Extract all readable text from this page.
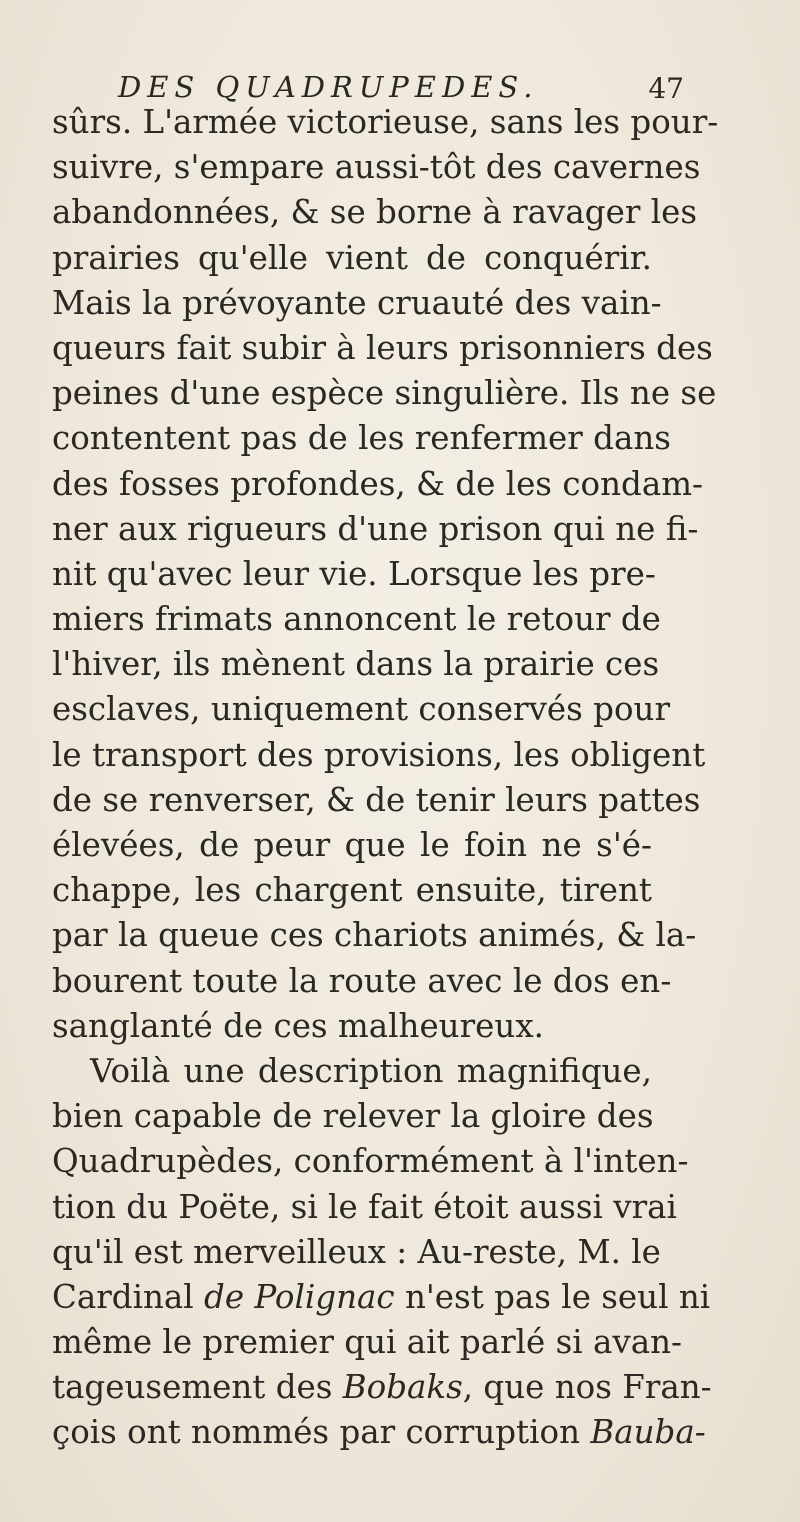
DES QUADRUPEDES.	47
sûrs. L'armée victorieuse, sans les pour-
suivre, s'empare aussi-tôt des cavernes
abandonnées, & se borne à ravager les
prairies qu'elle vient de conquérir.
Mais la prévoyante cruauté des vain-
queurs fait subir à leurs prisonniers des
peines d'une espèce singulière. Ils ne se
contentent pas de les renfermer dans
des fosses profondes, & de les condam-
ner aux rigueurs d'une prison qui ne fi-
nit qu'avec leur vie. Lorsque les pre-
miers frimats annoncent le retour de
l'hiver, ils mènent dans la prairie ces
esclaves, uniquement conservés pour
le transport des provisions, les obligent
de se renverser, & de tenir leurs pattes
élevées, de peur que le foin ne s'é-
chappe, les chargent ensuite, tirent
par la queue ces chariots animés, & la-
bourent toute la route avec le dos en-
sanglanté de ces malheureux.
Voilà une description magnifique,
bien capable de relever la gloire des
Quadrupèdes, conformément à l'inten-
tion du Poëte, si le fait étoit aussi vrai
qu'il est merveilleux : Au-reste, M. le
Cardinal de Polignac n'est pas le seul ni
même le premier qui ait parlé si avan-
tageusement des Bobaks, que nos Fran-
çois ont nommés par corruption Bauba-
